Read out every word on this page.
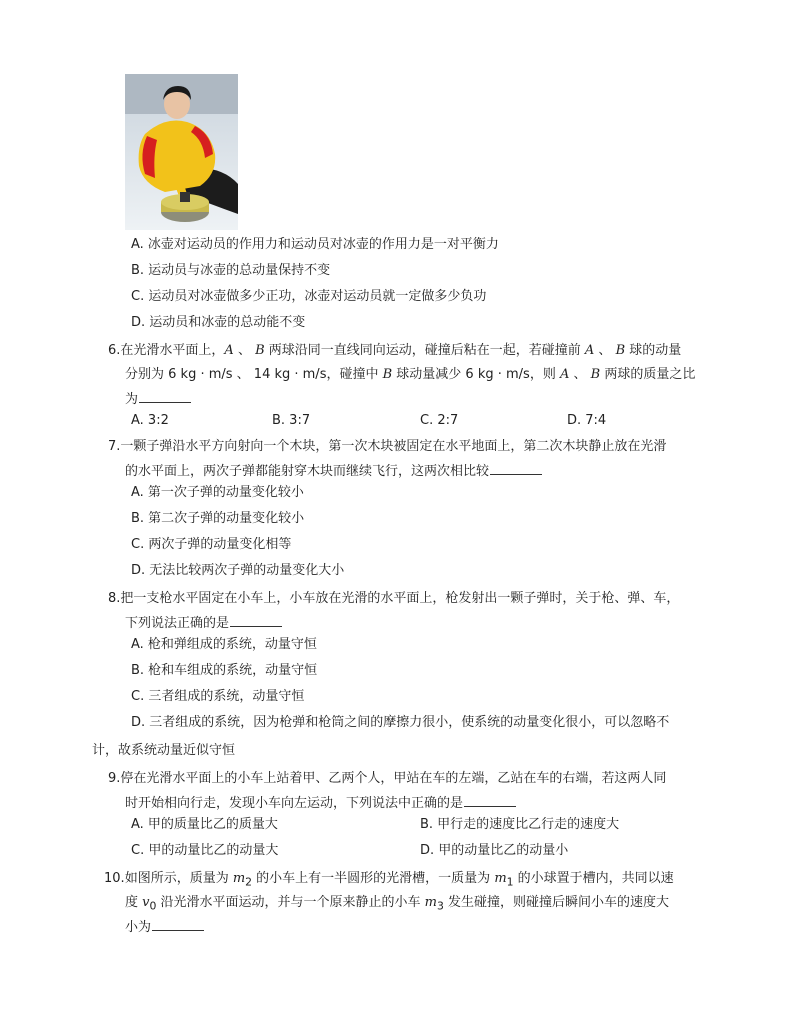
A. 冰壶对运动员的作用力和运动员对冰壶的作用力是一对平衡力
B. 运动员与冰壶的总动量保持不变
C. 运动员对冰壶做多少正功，冰壶对运动员就一定做多少负功
D. 运动员和冰壶的总动能不变
6.在光滑水平面上，A 、 B 两球沿同一直线同向运动，碰撞后粘在一起，若碰撞前 A 、 B 球的动量
分别为 6 kg · m/s 、 14 kg · m/s，碰撞中 B 球动量减少 6 kg · m/s，则 A 、 B 两球的质量之比
为
A. 3:2	B. 3:7	C. 2:7	D. 7:4
7.一颗子弹沿水平方向射向一个木块，第一次木块被固定在水平地面上，第二次木块静止放在光滑
的水平面上，两次子弹都能射穿木块而继续飞行，这两次相比较
A. 第一次子弹的动量变化较小
B. 第二次子弹的动量变化较小
C. 两次子弹的动量变化相等
D. 无法比较两次子弹的动量变化大小
8.把一支枪水平固定在小车上，小车放在光滑的水平面上，枪发射出一颗子弹时，关于枪、弹、车，
下列说法正确的是
A. 枪和弹组成的系统，动量守恒
B. 枪和车组成的系统，动量守恒
C. 三者组成的系统，动量守恒
D. 三者组成的系统，因为枪弹和枪筒之间的摩擦力很小，使系统的动量变化很小，可以忽略不
计，故系统动量近似守恒
9.停在光滑水平面上的小车上站着甲、乙两个人，甲站在车的左端，乙站在车的右端，若这两人同
时开始相向行走，发现小车向左运动，下列说法中正确的是
A. 甲的质量比乙的质量大	B. 甲行走的速度比乙行走的速度大
C. 甲的动量比乙的动量大	D. 甲的动量比乙的动量小
10.如图所示，质量为 $m_2$ 的小车上有一半圆形的光滑槽，一质量为 $m_1$ 的小球置于槽内，共同以速
度 $v_0$ 沿光滑水平面运动，并与一个原来静止的小车 $m_3$ 发生碰撞，则碰撞后瞬间小车的速度大
小为
